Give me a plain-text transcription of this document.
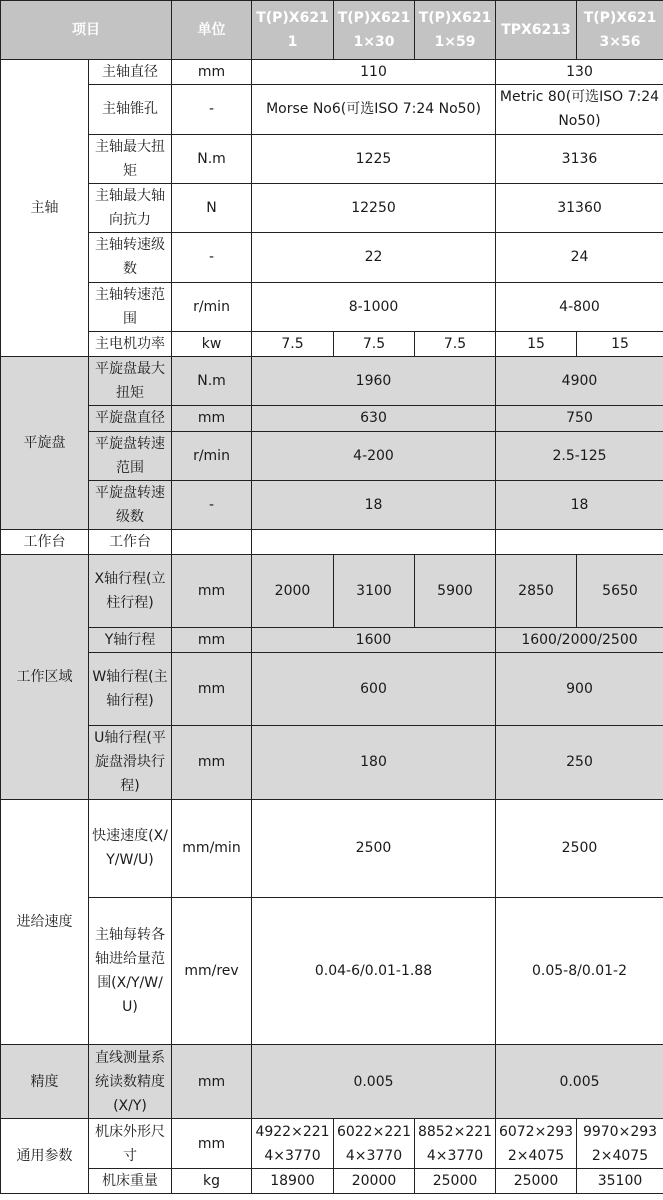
项目		单位	T(P)X6211	T(P)X6211×30	T(P)X6211×59	TPX6213	T(P)X6213×56
主轴	主轴直径	mm	110			130	
	主轴锥孔	-	Morse No6(可选ISO 7:24 No50)			Metric 80(可选ISO 7:24 No50)	
	主轴最大扭矩	N.m	1225			3136	
	主轴最大轴向抗力	N	12250			31360	
	主轴转速级数	-	22			24	
	主轴转速范围	r/min	8-1000			4-800	
	主电机功率	kw	7.5	7.5	7.5	15	15
平旋盘	平旋盘最大扭矩	N.m	1960			4900	
	平旋盘直径	mm	630			750	
	平旋盘转速范围	r/min	4-200			2.5-125	
	平旋盘转速级数	-	18			18	
工作台	工作台						
工作区域	X轴行程(立柱行程)	mm	2000	3100	5900	2850	5650
	Y轴行程	mm	1600			1600/2000/2500	
	W轴行程(主轴行程)	mm	600			900	
	U轴行程(平旋盘滑块行程)	mm	180			250	
进给速度	快速速度(X/Y/W/U)	mm/min	2500			2500	
	主轴每转各轴进给量范围(X/Y/W/U)	mm/rev	0.04-6/0.01-1.88			0.05-8/0.01-2	
精度	直线测量系统读数精度(X/Y)	mm	0.005			0.005	
通用参数	机床外形尺寸	mm	4922×2214×3770	6022×2214×3770	8852×2214×3770	6072×2932×4075	9970×2932×4075
	机床重量	kg	18900	20000	25000	25000	35100
